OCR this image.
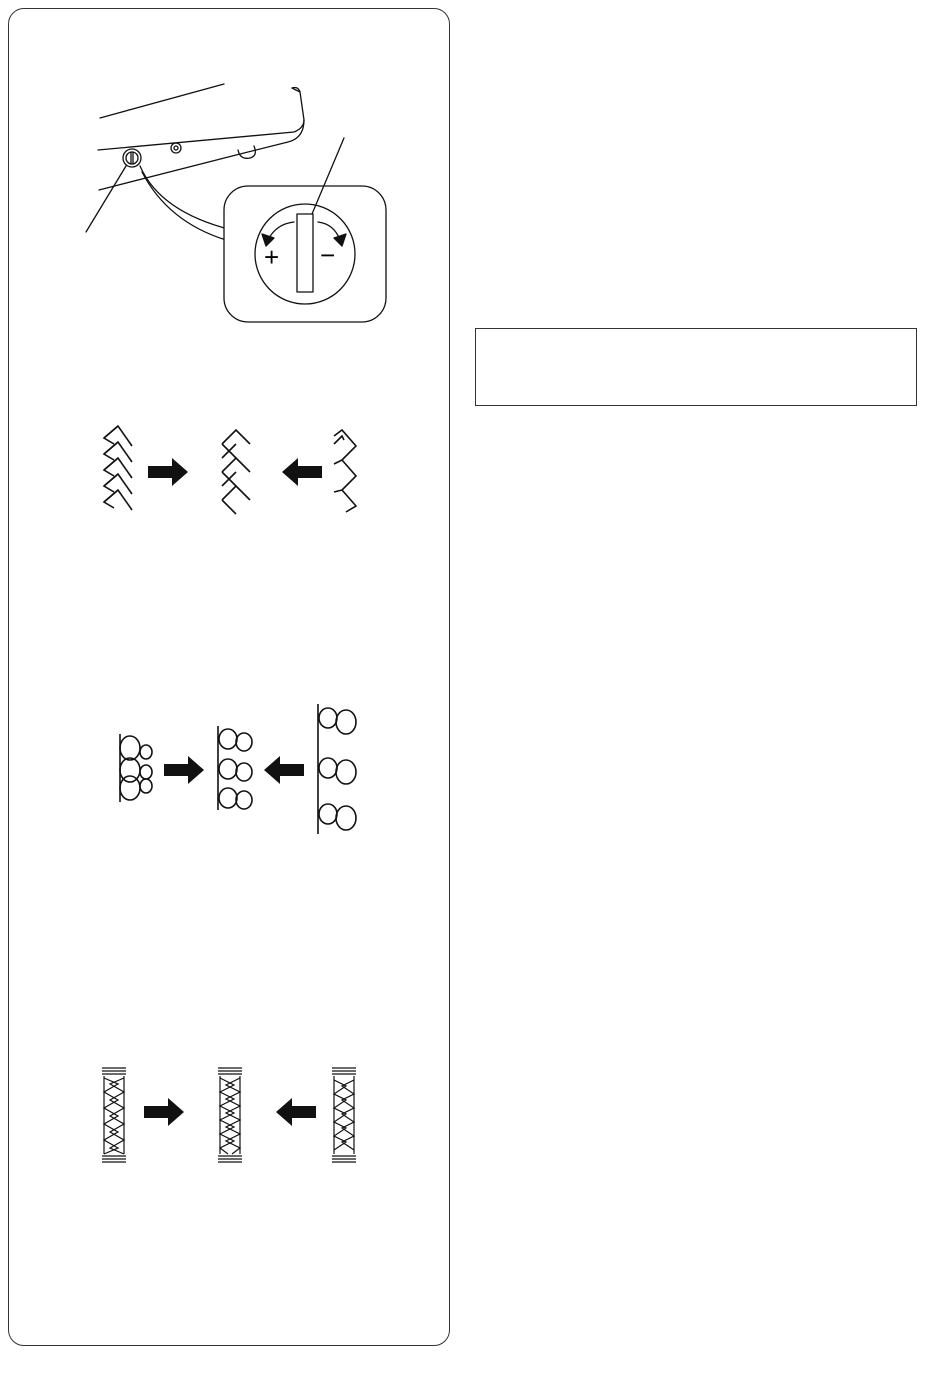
+ −
